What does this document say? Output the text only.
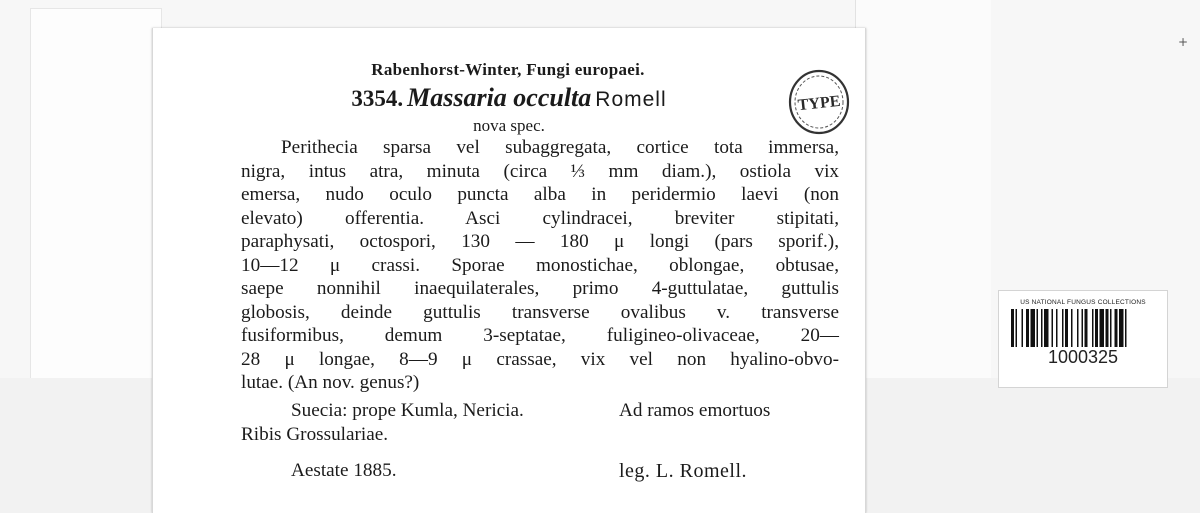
+
Rabenhorst-Winter, Fungi europaei.
3354. Massaria occulta Romell
nova spec.
Perithecia sparsa vel subaggregata, cortice tota immersa,
nigra, intus atra, minuta (circa ⅓ mm diam.), ostiola vix
emersa, nudo oculo puncta alba in peridermio laevi (non
elevato) offerentia. Asci cylindracei, breviter stipitati,
paraphysati, octospori, 130 — 180 μ longi (pars sporif.),
10—12 μ crassi. Sporae monostichae, oblongae, obtusae,
saepe nonnihil inaequilaterales, primo 4-guttulatae, guttulis
globosis, deinde guttulis transverse ovalibus v. transverse
fusiformibus, demum 3-septatae, fuligineo-olivaceae, 20—
28 μ longae, 8—9 μ crassae, vix vel non hyalino-obvo-
lutae. (An nov. genus?)
Suecia: prope Kumla, Nericia.	Ad ramos emortuos
Ribis Grossulariae.
Aestate 1885.	leg. L. Romell.
TYPE
US NATIONAL FUNGUS COLLECTIONS
1000325
